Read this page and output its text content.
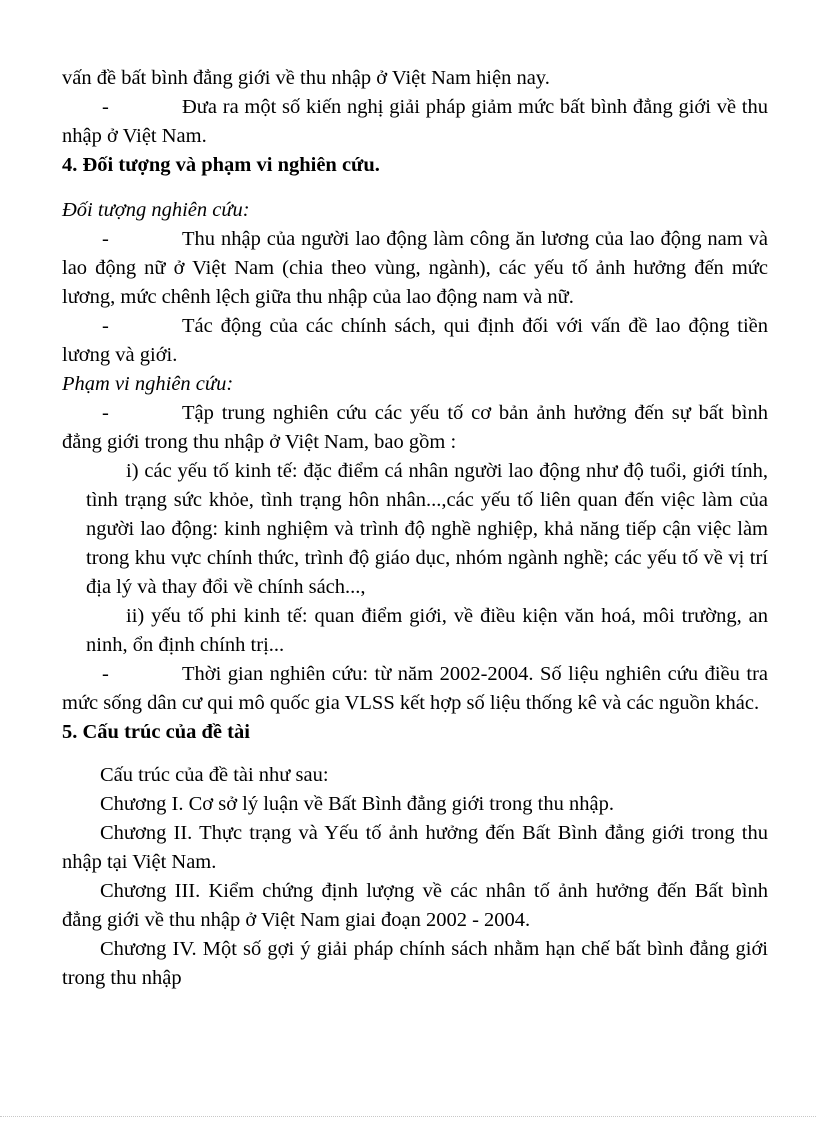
vấn đề bất bình đẳng giới về thu nhập ở Việt Nam hiện nay.

-	Đưa ra một số kiến nghị giải pháp giảm mức bất bình đẳng giới về thu nhập ở Việt Nam.

4. Đối tượng và phạm vi nghiên cứu.

Đối tượng nghiên cứu:

-	Thu nhập của người lao động làm công ăn lương của lao động nam và lao động nữ ở Việt Nam (chia theo vùng, ngành), các yếu tố ảnh hưởng đến mức lương, mức chênh lệch giữa thu nhập của lao động nam và nữ.

-	Tác động của các chính sách, qui định đối với vấn đề lao động tiền lương và giới.

Phạm vi nghiên cứu:

-	Tập trung nghiên cứu các yếu tố cơ bản ảnh hưởng đến sự bất bình đẳng giới trong thu nhập ở Việt Nam, bao gồm :

i) các yếu tố kinh tế: đặc điểm cá nhân người lao động như độ tuổi, giới tính, tình trạng sức khỏe, tình trạng hôn nhân...,các yếu tố liên quan đến việc làm của người lao động: kinh nghiệm và trình độ nghề nghiệp, khả năng tiếp cận việc làm trong khu vực chính thức, trình độ giáo dục, nhóm ngành nghề; các yếu tố về vị trí địa lý và thay đổi về chính sách...,

ii) yếu tố phi kinh tế: quan điểm giới, về điều kiện văn hoá, môi trường, an ninh, ổn định chính trị...

-	Thời gian nghiên cứu: từ năm 2002-2004. Số liệu nghiên cứu điều tra mức sống dân cư qui mô quốc gia VLSS kết hợp số liệu thống kê và các nguồn khác.

5. Cấu trúc của đề tài

Cấu trúc của đề tài như sau:

Chương I. Cơ sở lý luận về Bất Bình đẳng giới trong thu nhập.

Chương II. Thực trạng và Yếu tố ảnh hưởng đến Bất Bình đẳng giới trong thu nhập tại Việt Nam.

Chương III. Kiểm chứng định lượng về các nhân tố ảnh hưởng đến Bất bình đẳng giới về thu nhập ở Việt Nam giai đoạn 2002 - 2004.

Chương IV. Một số gợi ý giải pháp chính sách nhằm hạn chế bất bình đẳng giới trong thu nhập
